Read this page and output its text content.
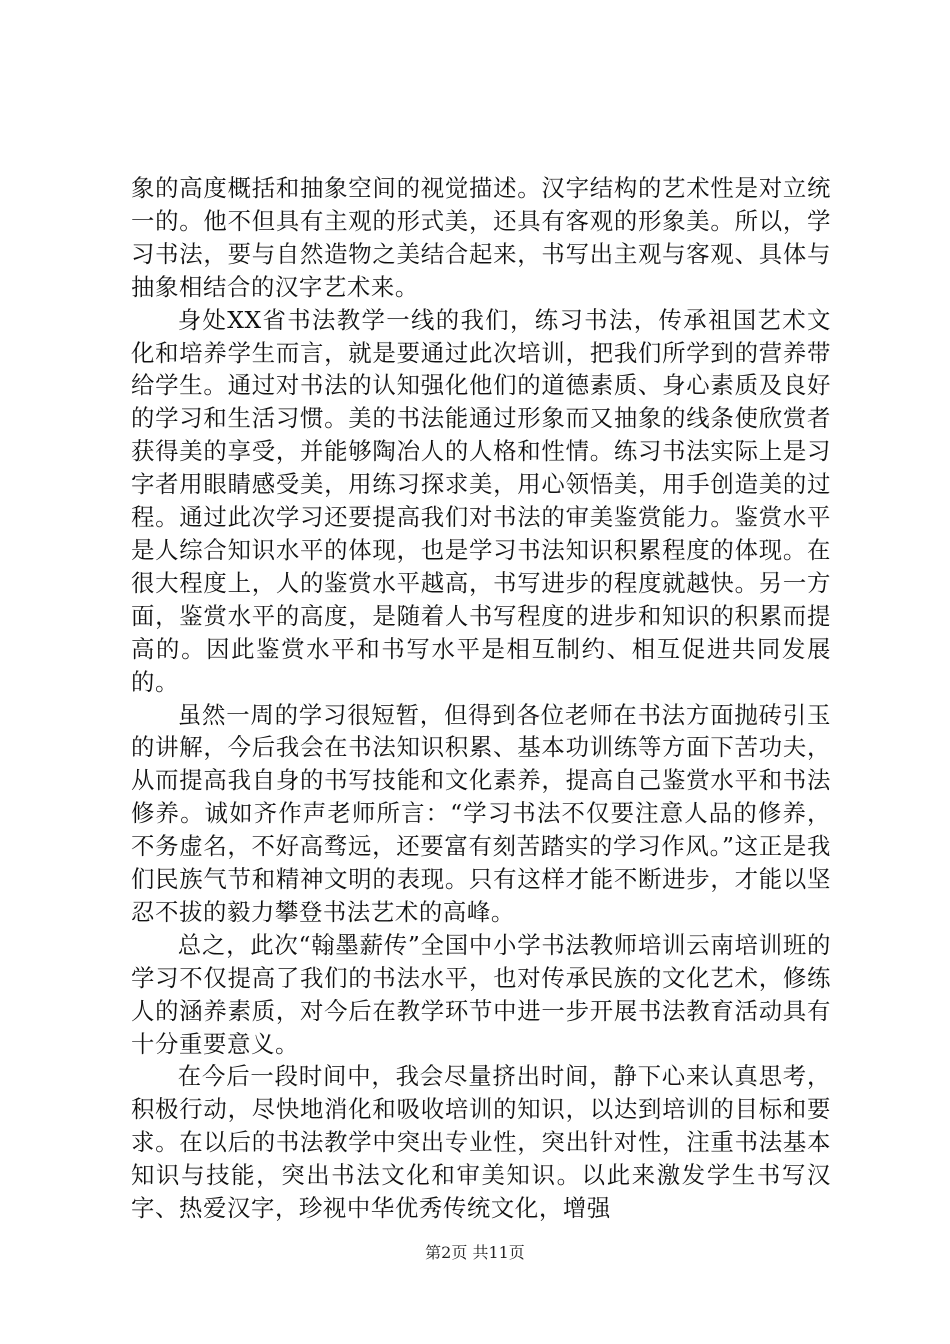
象的高度概括和抽象空间的视觉描述。汉字结构的艺术性是对立统一的。他不但具有主观的形式美，还具有客观的形象美。所以，学习书法，要与自然造物之美结合起来，书写出主观与客观、具体与抽象相结合的汉字艺术来。

身处XX省书法教学一线的我们，练习书法，传承祖国艺术文化和培养学生而言，就是要通过此次培训，把我们所学到的营养带给学生。通过对书法的认知强化他们的道德素质、身心素质及良好的学习和生活习惯。美的书法能通过形象而又抽象的线条使欣赏者获得美的享受，并能够陶冶人的人格和性情。练习书法实际上是习字者用眼睛感受美，用练习探求美，用心领悟美，用手创造美的过程。通过此次学习还要提高我们对书法的审美鉴赏能力。鉴赏水平是人综合知识水平的体现，也是学习书法知识积累程度的体现。在很大程度上，人的鉴赏水平越高，书写进步的程度就越快。另一方面，鉴赏水平的高度，是随着人书写程度的进步和知识的积累而提高的。因此鉴赏水平和书写水平是相互制约、相互促进共同发展的。

虽然一周的学习很短暂，但得到各位老师在书法方面抛砖引玉的讲解，今后我会在书法知识积累、基本功训练等方面下苦功夫，从而提高我自身的书写技能和文化素养，提高自己鉴赏水平和书法修养。诚如齐作声老师所言：“学习书法不仅要注意人品的修养，不务虚名，不好高骛远，还要富有刻苦踏实的学习作风。”这正是我们民族气节和精神文明的表现。只有这样才能不断进步，才能以坚忍不拔的毅力攀登书法艺术的高峰。

总之，此次“翰墨薪传”全国中小学书法教师培训云南培训班的学习不仅提高了我们的书法水平，也对传承民族的文化艺术，修练人的涵养素质，对今后在教学环节中进一步开展书法教育活动具有十分重要意义。

在今后一段时间中，我会尽量挤出时间，静下心来认真思考，积极行动，尽快地消化和吸收培训的知识，以达到培训的目标和要求。在以后的书法教学中突出专业性，突出针对性，注重书法基本知识与技能，突出书法文化和审美知识。以此来激发学生书写汉字、热爱汉字，珍视中华优秀传统文化，增强

第2页 共11页
